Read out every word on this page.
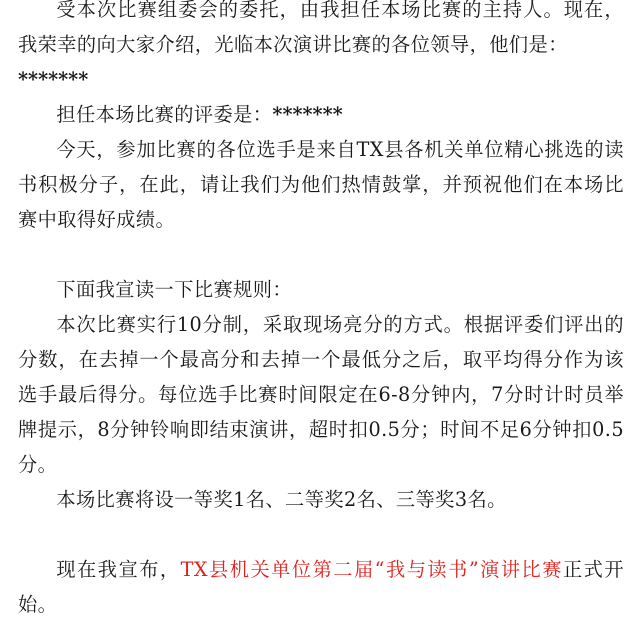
受本次比赛组委会的委托，由我担任本场比赛的主持人。现在，我荣幸的向大家介绍，光临本次演讲比赛的各位领导，他们是：
*******

担任本场比赛的评委是：*******

今天，参加比赛的各位选手是来自TX县各机关单位精心挑选的读书积极分子，在此，请让我们为他们热情鼓掌，并预祝他们在本场比赛中取得好成绩。

下面我宣读一下比赛规则：

本次比赛实行10分制，采取现场亮分的方式。根据评委们评出的分数，在去掉一个最高分和去掉一个最低分之后，取平均得分作为该选手最后得分。每位选手比赛时间限定在6-8分钟内，7分时计时员举牌提示，8分钟铃响即结束演讲，超时扣0.5分；时间不足6分钟扣0.5分。

本场比赛将设一等奖1名、二等奖2名、三等奖3名。

现在我宣布，TX县机关单位第二届“我与读书”演讲比赛正式开始。
